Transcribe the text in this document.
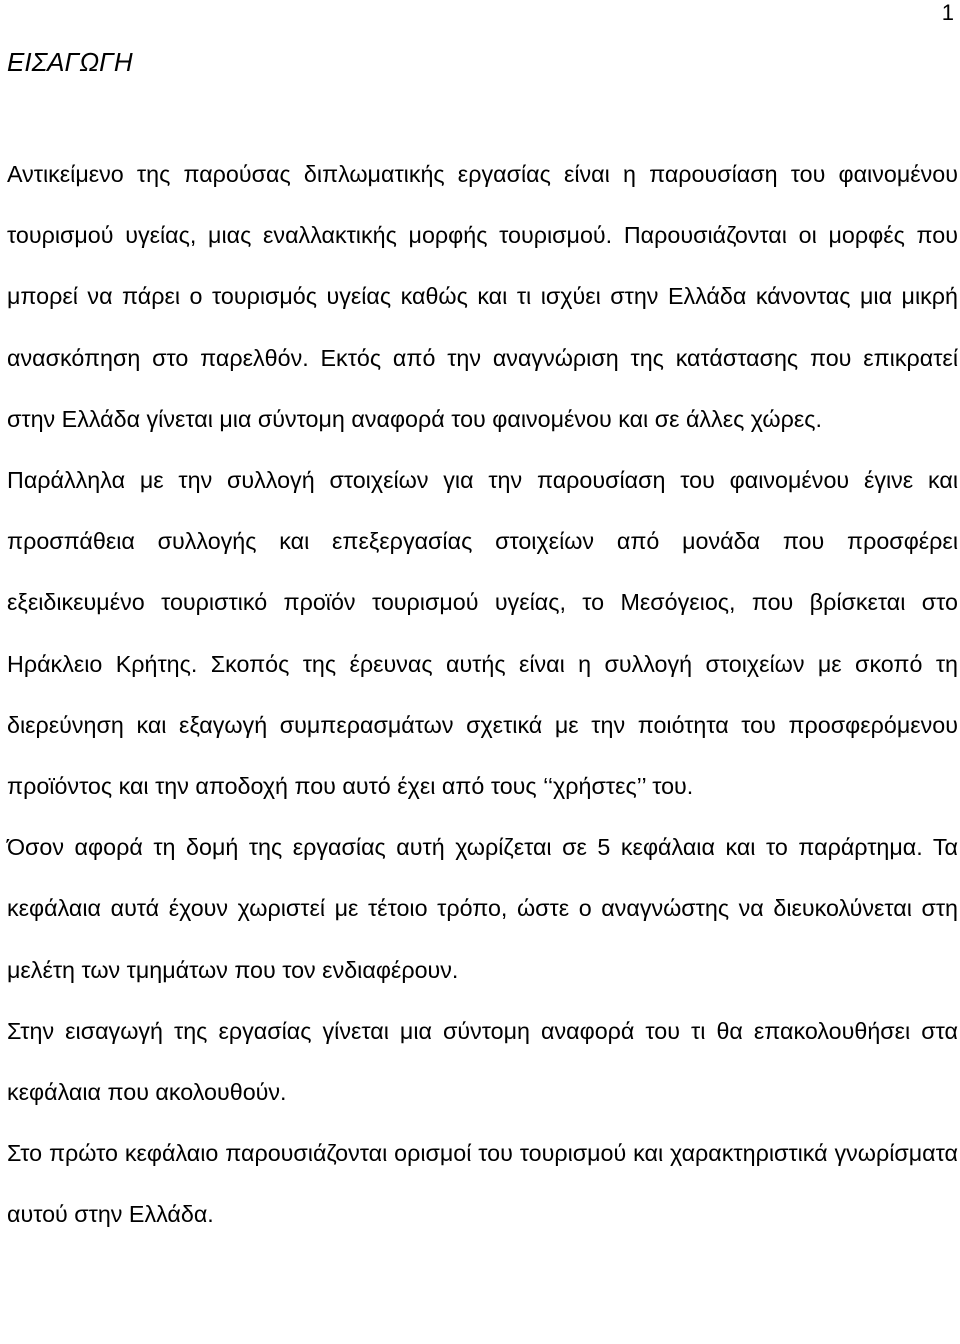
1
ΕΙΣΑΓΩΓΗ

Αντικείμενο της παρούσας διπλωματικής εργασίας είναι η παρουσίαση του φαινομένου τουρισμού υγείας, μιας εναλλακτικής μορφής τουρισμού. Παρουσιάζονται οι μορφές που μπορεί να πάρει ο τουρισμός υγείας καθώς και τι ισχύει στην Ελλάδα κάνοντας μια μικρή ανασκόπηση στο παρελθόν. Εκτός από την αναγνώριση της κατάστασης που επικρατεί στην Ελλάδα γίνεται μια σύντομη αναφορά του φαινομένου και σε άλλες χώρες.

Παράλληλα με την συλλογή στοιχείων για την παρουσίαση του φαινομένου έγινε και προσπάθεια συλλογής και επεξεργασίας στοιχείων από μονάδα που προσφέρει εξειδικευμένο τουριστικό προϊόν τουρισμού υγείας, το Μεσόγειος, που βρίσκεται στο Ηράκλειο Κρήτης. Σκοπός της έρευνας αυτής είναι η συλλογή στοιχείων με σκοπό τη διερεύνηση και εξαγωγή συμπερασμάτων σχετικά με την ποιότητα του προσφερόμενου προϊόντος και την αποδοχή που αυτό έχει από τους ‘‘χρήστες’’ του.

Όσον αφορά τη δομή της εργασίας αυτή χωρίζεται σε 5 κεφάλαια και το παράρτημα. Τα κεφάλαια αυτά έχουν χωριστεί με τέτοιο τρόπο, ώστε ο αναγνώστης να διευκολύνεται στη μελέτη των τμημάτων που τον ενδιαφέρουν.

Στην εισαγωγή της εργασίας γίνεται μια σύντομη αναφορά του τι θα επακολουθήσει στα κεφάλαια που ακολουθούν.

Στο πρώτο κεφάλαιο παρουσιάζονται ορισμοί του τουρισμού και χαρακτηριστικά γνωρίσματα αυτού στην Ελλάδα.
